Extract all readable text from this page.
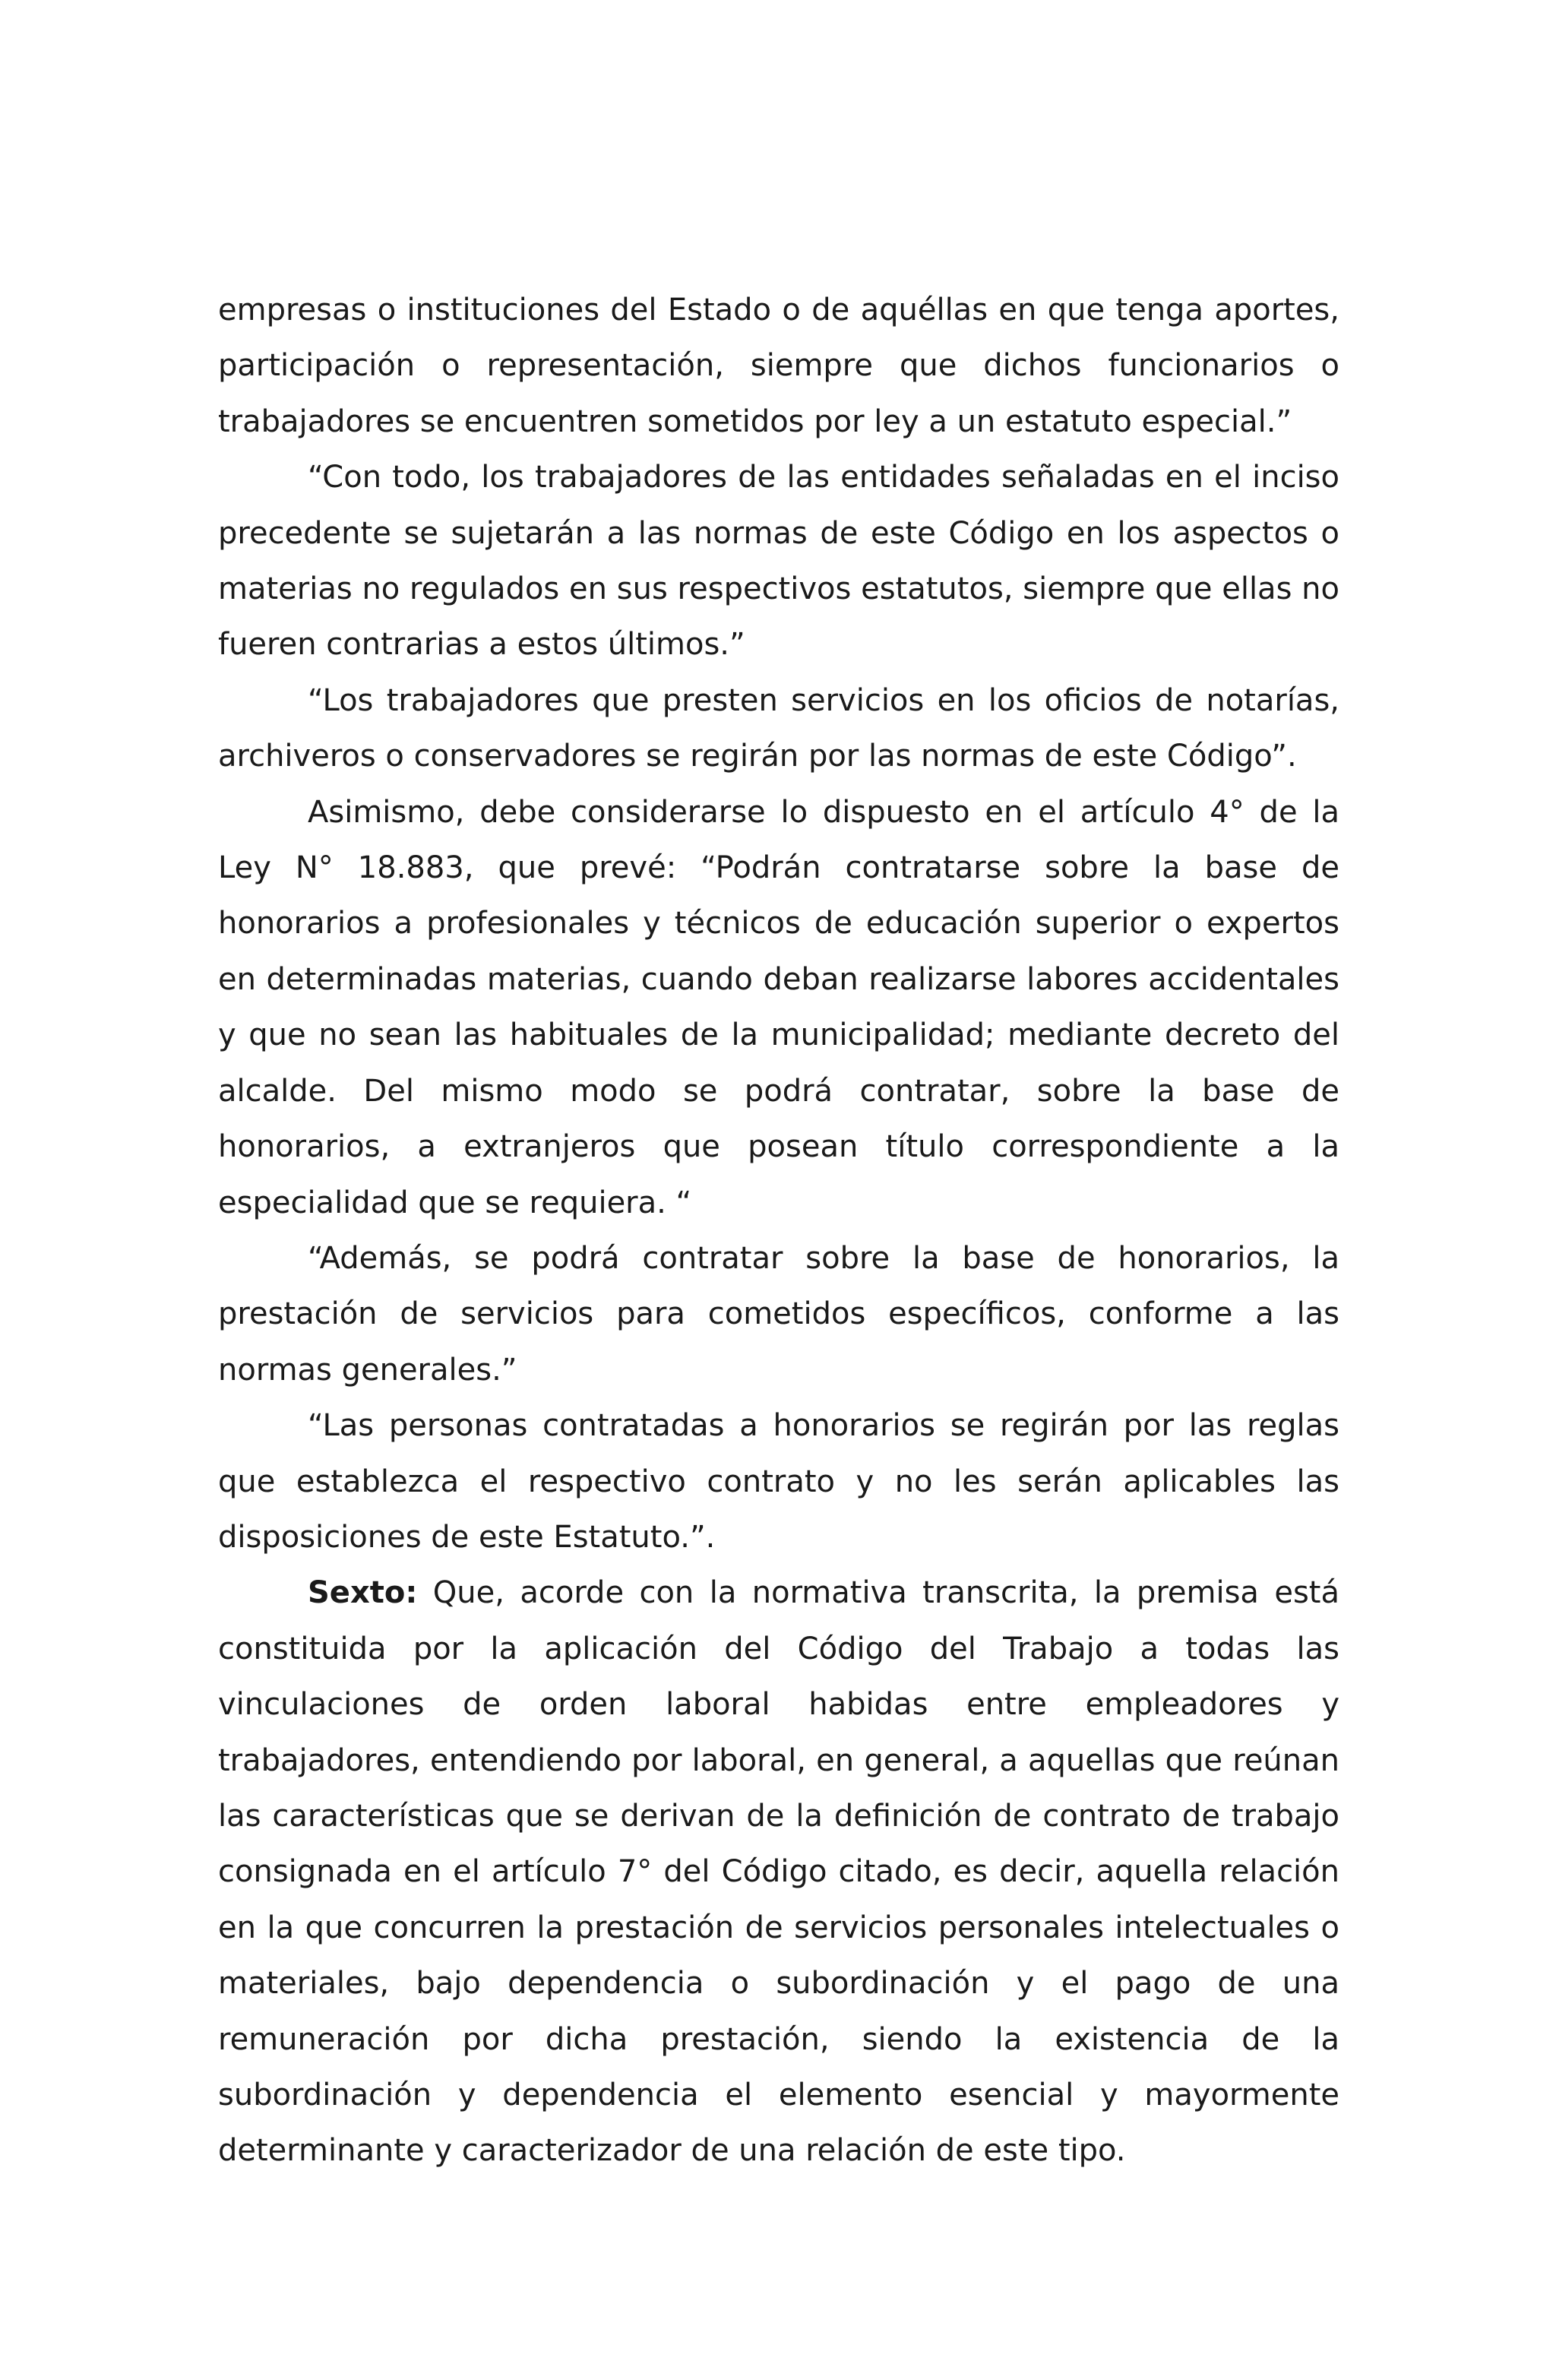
empresas o instituciones del Estado o de aquéllas en que tenga aportes, participación o representación, siempre que dichos funcionarios o trabajadores se encuentren sometidos por ley a un estatuto especial.”

“Con todo, los trabajadores de las entidades señaladas en el inciso precedente se sujetarán a las normas de este Código en los aspectos o materias no regulados en sus respectivos estatutos, siempre que ellas no fueren contrarias a estos últimos.”

“Los trabajadores que presten servicios en los oficios de notarías, archiveros o conservadores se regirán por las normas de este Código”.

Asimismo, debe considerarse lo dispuesto en el artículo 4° de la Ley N° 18.883, que prevé: “Podrán contratarse sobre la base de honorarios a profesionales y técnicos de educación superior o expertos en determinadas materias, cuando deban realizarse labores accidentales y que no sean las habituales de la municipalidad; mediante decreto del alcalde. Del mismo modo se podrá contratar, sobre la base de honorarios, a extranjeros que posean título correspondiente a la especialidad que se requiera. “

“Además, se podrá contratar sobre la base de honorarios, la prestación de servicios para cometidos específicos, conforme a las normas generales.”

“Las personas contratadas a honorarios se regirán por las reglas que establezca el respectivo contrato y no les serán aplicables las disposiciones de este Estatuto.”.

Sexto: Que, acorde con la normativa transcrita, la premisa está constituida por la aplicación del Código del Trabajo a todas las vinculaciones de orden laboral habidas entre empleadores y trabajadores, entendiendo por laboral, en general, a aquellas que reúnan las características que se derivan de la definición de contrato de trabajo consignada en el artículo 7° del Código citado, es decir, aquella relación en la que concurren la prestación de servicios personales intelectuales o materiales, bajo dependencia o subordinación y el pago de una remuneración por dicha prestación, siendo la existencia de la subordinación y dependencia el elemento esencial y mayormente determinante y caracterizador de una relación de este tipo.
